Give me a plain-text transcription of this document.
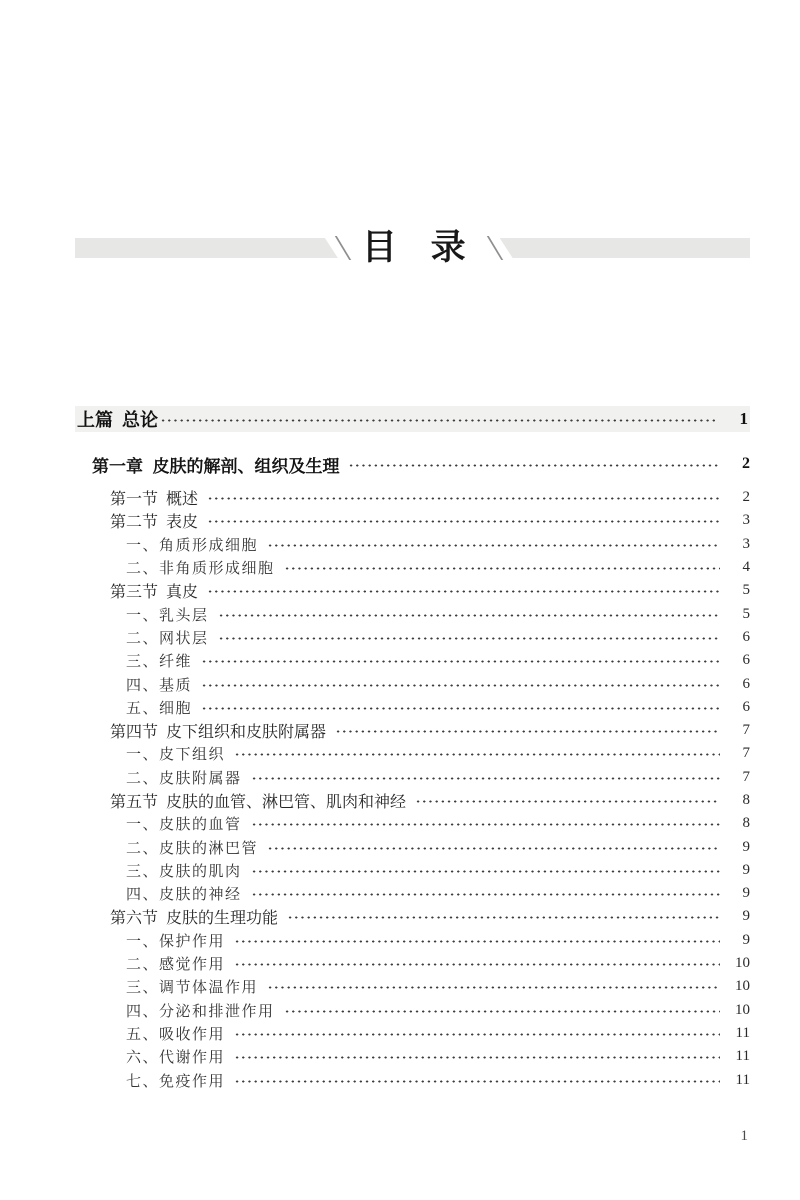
目 录
上篇  总论	1
第一章  皮肤的解剖、组织及生理	2
第一节  概述	2
第二节  表皮	3
一、角质形成细胞	3
二、非角质形成细胞	4
第三节  真皮	5
一、乳头层	5
二、网状层	6
三、纤维	6
四、基质	6
五、细胞	6
第四节  皮下组织和皮肤附属器	7
一、皮下组织	7
二、皮肤附属器	7
第五节  皮肤的血管、淋巴管、肌肉和神经	8
一、皮肤的血管	8
二、皮肤的淋巴管	9
三、皮肤的肌肉	9
四、皮肤的神经	9
第六节  皮肤的生理功能	9
一、保护作用	9
二、感觉作用	10
三、调节体温作用	10
四、分泌和排泄作用	10
五、吸收作用	11
六、代谢作用	11
七、免疫作用	11
1
